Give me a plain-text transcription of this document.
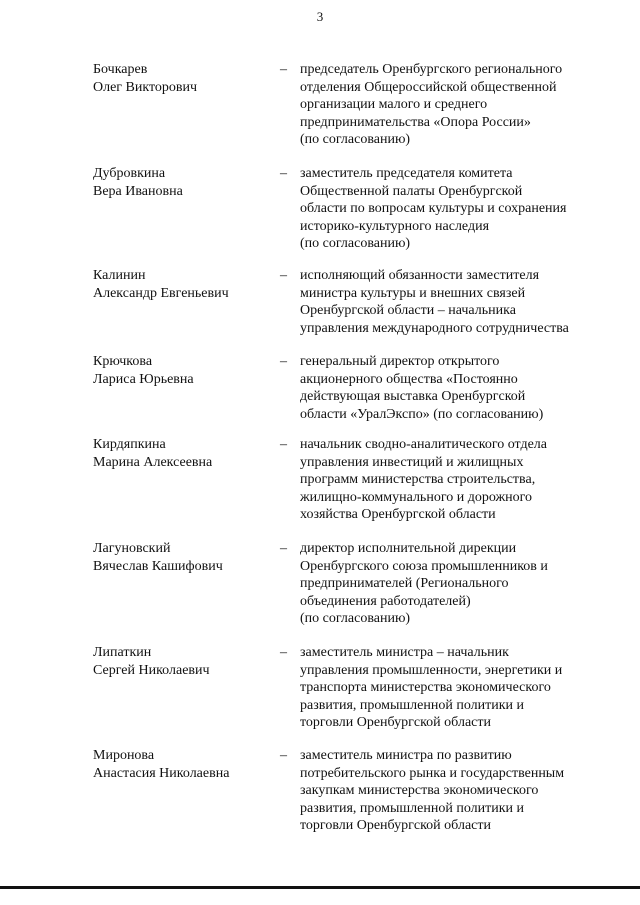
3
Бочкарев
Олег Викторович
– председатель Оренбургского регионального
отделения Общероссийской общественной
организации малого и среднего
предпринимательства «Опора России»
(по согласованию)
Дубровкина
Вера Ивановна
– заместитель председателя комитета
Общественной палаты Оренбургской
области по вопросам культуры и сохранения
историко-культурного наследия
(по согласованию)
Калинин
Александр Евгеньевич
– исполняющий обязанности заместителя
министра культуры и внешних связей
Оренбургской области – начальника
управления международного сотрудничества
Крючкова
Лариса Юрьевна
– генеральный директор открытого
акционерного общества «Постоянно
действующая выставка Оренбургской
области «УралЭкспо» (по согласованию)
Кирдяпкина
Марина Алексеевна
– начальник сводно-аналитического отдела
управления инвестиций и жилищных
программ министерства строительства,
жилищно-коммунального и дорожного
хозяйства Оренбургской области
Лагуновский
Вячеслав Кашифович
– директор исполнительной дирекции
Оренбургского союза промышленников и
предпринимателей (Регионального
объединения работодателей)
(по согласованию)
Липаткин
Сергей Николаевич
– заместитель министра – начальник
управления промышленности, энергетики и
транспорта министерства экономического
развития, промышленной политики и
торговли Оренбургской области
Миронова
Анастасия Николаевна
– заместитель министра по развитию
потребительского рынка и государственным
закупкам министерства экономического
развития, промышленной политики и
торговли Оренбургской области
